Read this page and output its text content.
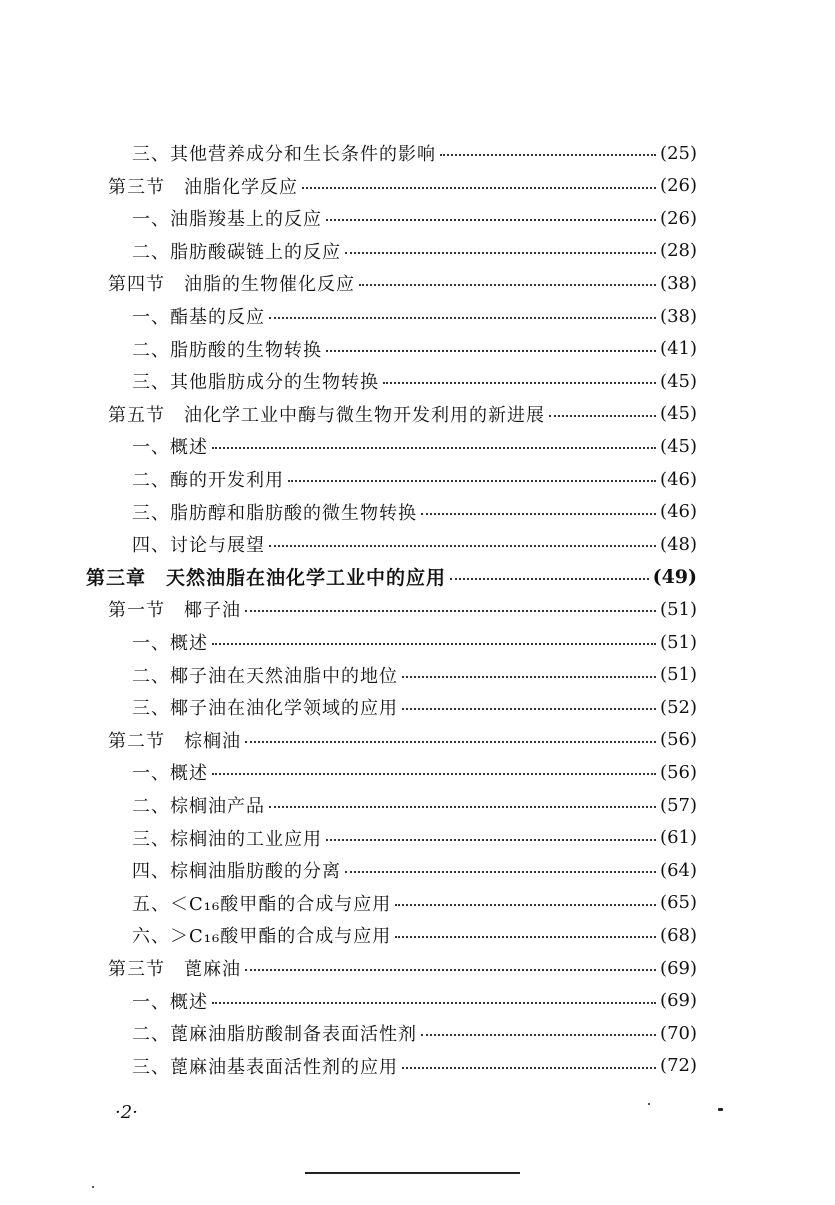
三、其他营养成分和生长条件的影响	(25)
第三节　油脂化学反应	(26)
一、油脂羧基上的反应	(26)
二、脂肪酸碳链上的反应	(28)
第四节　油脂的生物催化反应	(38)
一、酯基的反应	(38)
二、脂肪酸的生物转换	(41)
三、其他脂肪成分的生物转换	(45)
第五节　油化学工业中酶与微生物开发利用的新进展	(45)
一、概述	(45)
二、酶的开发利用	(46)
三、脂肪醇和脂肪酸的微生物转换	(46)
四、讨论与展望	(48)
第三章　天然油脂在油化学工业中的应用	(49)
第一节　椰子油	(51)
一、概述	(51)
二、椰子油在天然油脂中的地位	(51)
三、椰子油在油化学领域的应用	(52)
第二节　棕榈油	(56)
一、概述	(56)
二、棕榈油产品	(57)
三、棕榈油的工业应用	(61)
四、棕榈油脂肪酸的分离	(64)
五、＜C₁₆酸甲酯的合成与应用	(65)
六、＞C₁₆酸甲酯的合成与应用	(68)
第三节　蓖麻油	(69)
一、概述	(69)
二、蓖麻油脂肪酸制备表面活性剂	(70)
三、蓖麻油基表面活性剂的应用	(72)
·2·
